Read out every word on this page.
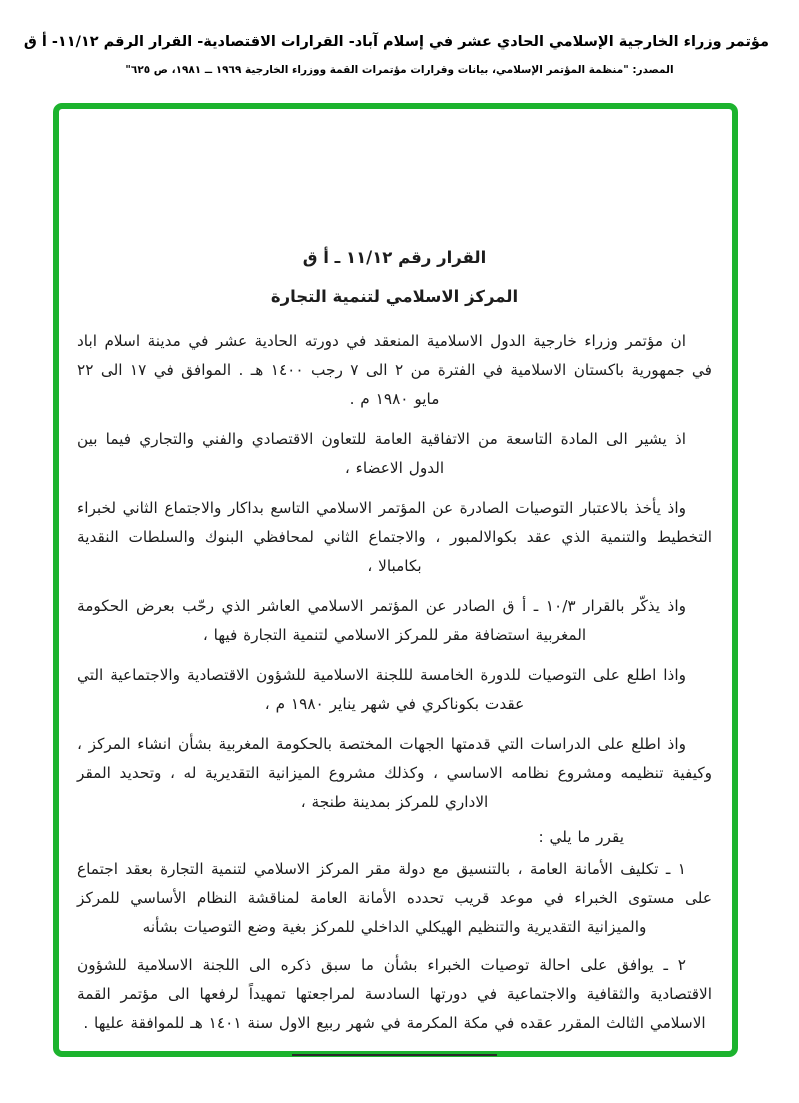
مؤتمر وزراء الخارجية الإسلامي الحادي عشر في إسلام آباد- القرارات الاقتصادية- القرار الرقم ١١/١٢- أ ق
المصدر: "منظمة المؤتمر الإسلامي، بيانات وقرارات مؤتمرات القمة ووزراء الخارجية ١٩٦٩ ــ ١٩٨١، ص ٦٢٥"
القرار رقم ١١/١٢ ـ أ ق
المركز الاسلامي لتنمية التجارة

ان مؤتمر وزراء خارجية الدول الاسلامية المنعقد في دورته الحادية عشر في مدينة اسلام اباد في جمهورية باكستان الاسلامية في الفترة من ٢ الى ٧ رجب ١٤٠٠ هـ . الموافق في ١٧ الى ٢٢ مايو ١٩٨٠ م .

اذ يشير الى المادة التاسعة من الاتفاقية العامة للتعاون الاقتصادي والفني والتجاري فيما بين الدول الاعضاء ،

واذ يأخذ بالاعتبار التوصيات الصادرة عن المؤتمر الاسلامي التاسع بداكار والاجتماع الثاني لخبراء التخطيط والتنمية الذي عقد بكوالالمبور ، والاجتماع الثاني لمحافظي البنوك والسلطات النقدية بكامبالا ،

واذ يذكّر بالقرار ١٠/٣ ـ أ ق الصادر عن المؤتمر الاسلامي العاشر الذي رحّب بعرض الحكومة المغربية استضافة مقر للمركز الاسلامي لتنمية التجارة فيها ،

واذا اطلع على التوصيات للدورة الخامسة لللجنة الاسلامية للشؤون الاقتصادية والاجتماعية التي عقدت بكوناكري في شهر يناير ١٩٨٠ م ،

واذ اطلع على الدراسات التي قدمتها الجهات المختصة بالحكومة المغربية بشأن انشاء المركز ، وكيفية تنظيمه ومشروع نظامه الاساسي ، وكذلك مشروع الميزانية التقديرية له ، وتحديد المقر الاداري للمركز بمدينة طنجة ،

يقرر ما يلي :

١ ـ تكليف الأمانة العامة ، بالتنسيق مع دولة مقر المركز الاسلامي لتنمية التجارة بعقد اجتماع على مستوى الخبراء في موعد قريب تحدده الأمانة العامة لمناقشة النظام الأساسي للمركز والميزانية التقديرية والتنظيم الهيكلي الداخلي للمركز بغية وضع التوصيات بشأنه

٢ ـ يوافق على احالة توصيات الخبراء بشأن ما سبق ذكره الى اللجنة الاسلامية للشؤون الاقتصادية والثقافية والاجتماعية في دورتها السادسة لمراجعتها تمهيداً لرفعها الى مؤتمر القمة الاسلامي الثالث المقرر عقده في مكة المكرمة في شهر ربيع الاول سنة ١٤٠١ هـ للموافقة عليها .
